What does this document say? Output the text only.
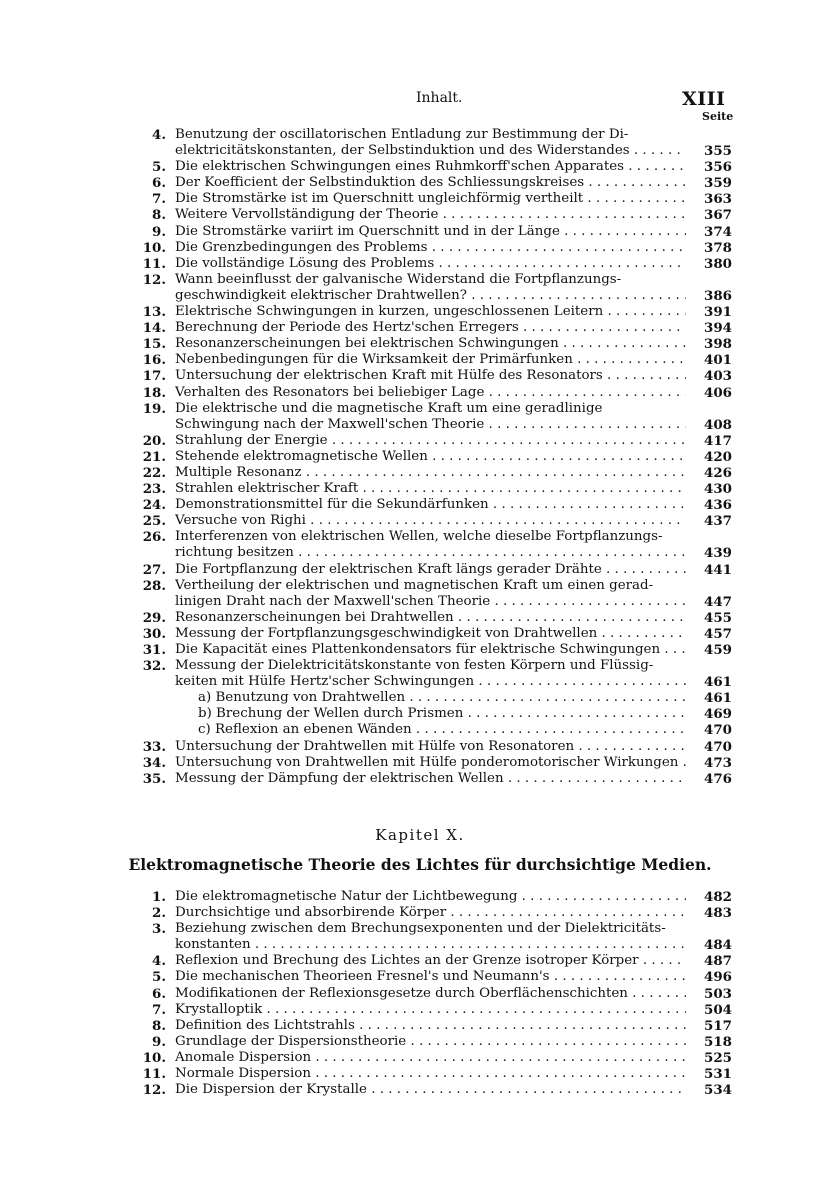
Inhalt.	XIII
Seite
4. Benutzung der oscillatorischen Entladung zur Bestimmung der Di-
elektricitätskonstanten, der Selbstinduktion und des Widerstandes . . .	355
5. Die elektrischen Schwingungen eines Ruhmkorff'schen Apparates . . .	356
6. Der Koefficient der Selbstinduktion des Schliessungskreises . . .	359
7. Die Stromstärke ist im Querschnitt ungleichförmig vertheilt . . .	363
8. Weitere Vervollständigung der Theorie . . .	367
9. Die Stromstärke variirt im Querschnitt und in der Länge . . .	374
10. Die Grenzbedingungen des Problems . . .	378
11. Die vollständige Lösung des Problems . . .	380
12. Wann beeinflusst der galvanische Widerstand die Fortpflanzungs-
geschwindigkeit elektrischer Drahtwellen? . . .	386
13. Elektrische Schwingungen in kurzen, ungeschlossenen Leitern . . .	391
14. Berechnung der Periode des Hertz'schen Erregers . . .	394
15. Resonanzerscheinungen bei elektrischen Schwingungen . . .	398
16. Nebenbedingungen für die Wirksamkeit der Primärfunken . . .	401
17. Untersuchung der elektrischen Kraft mit Hülfe des Resonators . . .	403
18. Verhalten des Resonators bei beliebiger Lage . . .	406
19. Die elektrische und die magnetische Kraft um eine geradlinige
Schwingung nach der Maxwell'schen Theorie . . .	408
20. Strahlung der Energie . . .	417
21. Stehende elektromagnetische Wellen . . .	420
22. Multiple Resonanz . . .	426
23. Strahlen elektrischer Kraft . . .	430
24. Demonstrationsmittel für die Sekundärfunken . . .	436
25. Versuche von Righi . . .	437
26. Interferenzen von elektrischen Wellen, welche dieselbe Fortpflanzungs-
richtung besitzen . . .	439
27. Die Fortpflanzung der elektrischen Kraft längs gerader Drähte . . .	441
28. Vertheilung der elektrischen und magnetischen Kraft um einen gerad-
linigen Draht nach der Maxwell'schen Theorie . . .	447
29. Resonanzerscheinungen bei Drahtwellen . . .	455
30. Messung der Fortpflanzungsgeschwindigkeit von Drahtwellen . . .	457
31. Die Kapacität eines Plattenkondensators für elektrische Schwingungen . . .	459
32. Messung der Dielektricitätskonstante von festen Körpern und Flüssig-
keiten mit Hülfe Hertz'scher Schwingungen . . .	461
a) Benutzung von Drahtwellen . . .	461
b) Brechung der Wellen durch Prismen . . .	469
c) Reflexion an ebenen Wänden . . .	470
33. Untersuchung der Drahtwellen mit Hülfe von Resonatoren . . .	470
34. Untersuchung von Drahtwellen mit Hülfe ponderomotorischer Wirkungen . . .	473
35. Messung der Dämpfung der elektrischen Wellen . . .	476
Kapitel X.
Elektromagnetische Theorie des Lichtes für durchsichtige Medien.
1. Die elektromagnetische Natur der Lichtbewegung . . .	482
2. Durchsichtige und absorbirende Körper . . .	483
3. Beziehung zwischen dem Brechungsexponenten und der Dielektricitäts-
konstanten . . .	484
4. Reflexion und Brechung des Lichtes an der Grenze isotroper Körper . . .	487
5. Die mechanischen Theorieen Fresnel's und Neumann's . . .	496
6. Modifikationen der Reflexionsgesetze durch Oberflächenschichten . . .	503
7. Krystalloptik . . .	504
8. Definition des Lichtstrahls . . .	517
9. Grundlage der Dispersionstheorie . . .	518
10. Anomale Dispersion . . .	525
11. Normale Dispersion . . .	531
12. Die Dispersion der Krystalle . . .	534
